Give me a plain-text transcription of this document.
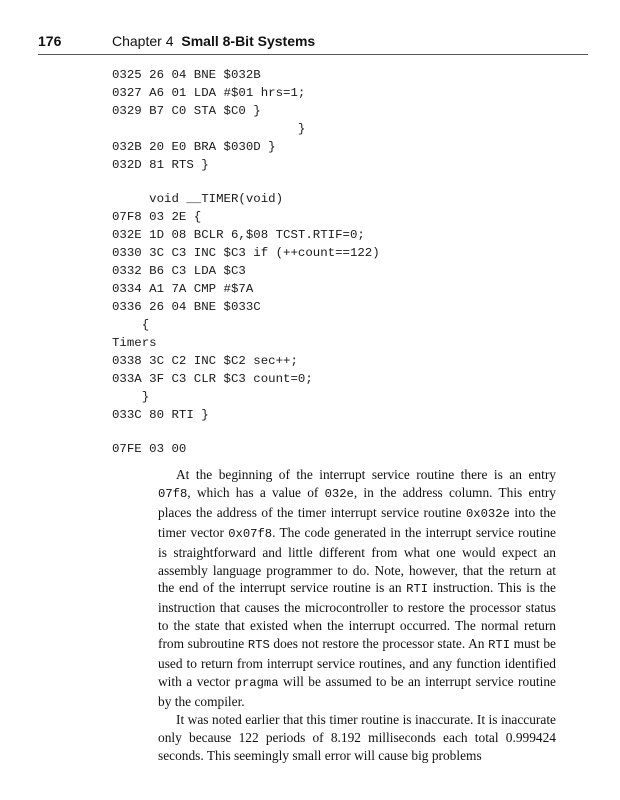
176	Chapter 4 Small 8-Bit Systems
0325 26 04 BNE $032B
0327 A6 01 LDA #$01 hrs=1;
0329 B7 C0 STA $C0 }
}
032B 20 E0 BRA $030D }
032D 81 RTS }
void __TIMER(void)
07F8 03 2E {
032E 1D 08 BCLR 6,$08 TCST.RTIF=0;
0330 3C C3 INC $C3 if (++count==122)
0332 B6 C3 LDA $C3
0334 A1 7A CMP #$7A
0336 26 04 BNE $033C
{
Timers
0338 3C C2 INC $C2 sec++;
033A 3F C3 CLR $C3 count=0;
}
033C 80 RTI }
07FE 03 00

At the beginning of the interrupt service routine there is an entry 07f8, which has a value of 032e, in the address column. This entry places the address of the timer interrupt service routine 0x032e into the timer vector 0x07f8. The code generated in the interrupt service routine is straightforward and little different from what one would expect an assembly language programmer to do. Note, however, that the return at the end of the interrupt service routine is an RTI instruction. This is the instruction that causes the microcontroller to restore the processor status to the state that existed when the interrupt occurred. The normal return from subroutine RTS does not restore the processor state. An RTI must be used to return from interrupt service routines, and any function identified with a vector pragma will be assumed to be an interrupt service routine by the compiler.

It was noted earlier that this timer routine is inaccurate. It is inaccurate only because 122 periods of 8.192 milliseconds each total 0.999424 seconds. This seemingly small error will cause big problems
